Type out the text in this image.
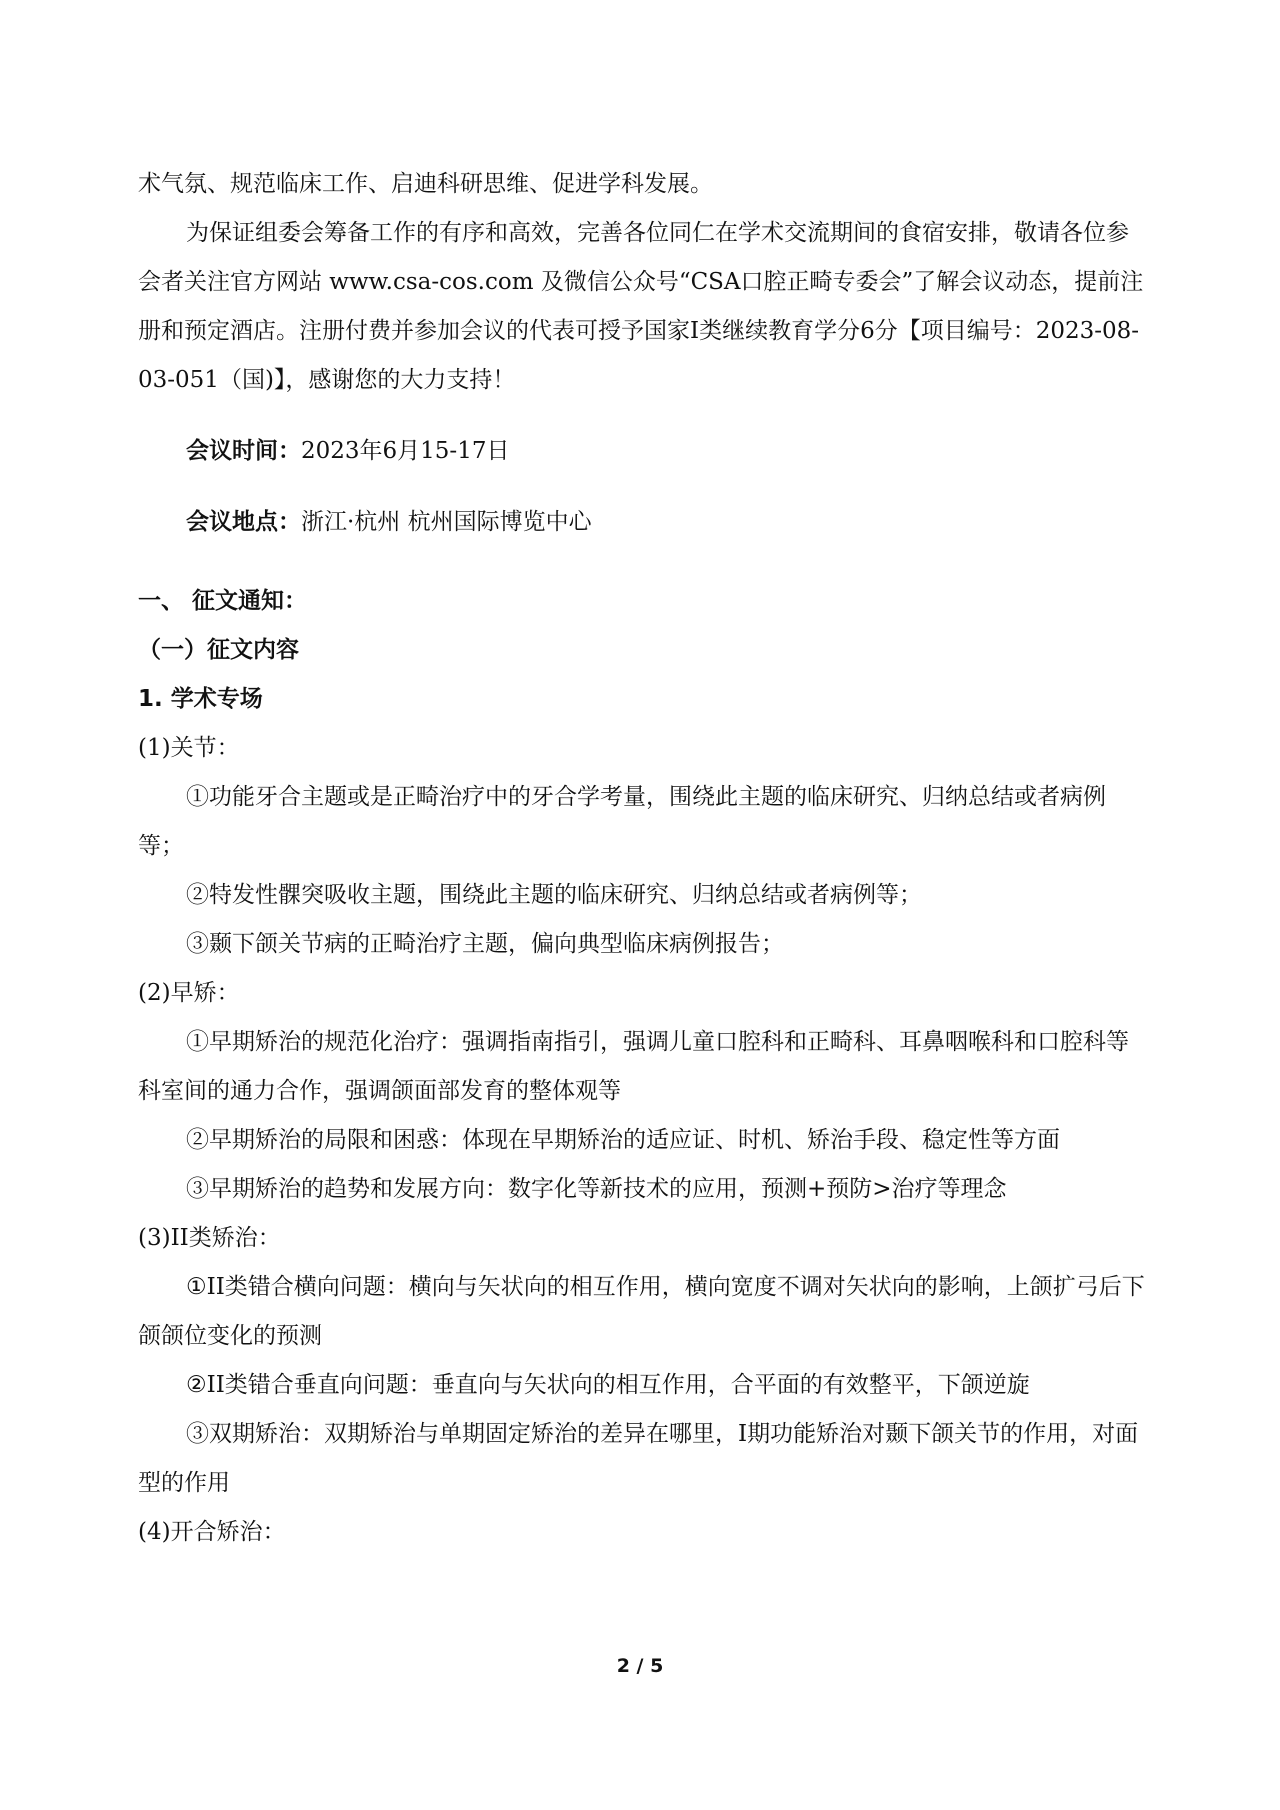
术气氛、规范临床工作、启迪科研思维、促进学科发展。

为保证组委会筹备工作的有序和高效，完善各位同仁在学术交流期间的食宿安排，敬请各位参会者关注官方网站 www.csa-cos.com 及微信公众号“CSA口腔正畸专委会”了解会议动态，提前注册和预定酒店。注册付费并参加会议的代表可授予国家I类继续教育学分6分【项目编号：2023-08-03-051（国)】，感谢您的大力支持！

会议时间：2023年6月15-17日

会议地点：浙江·杭州 杭州国际博览中心

一、 征文通知：
（一）征文内容
1. 学术专场

(1)关节：

①功能牙合主题或是正畸治疗中的牙合学考量，围绕此主题的临床研究、归纳总结或者病例等；

②特发性髁突吸收主题，围绕此主题的临床研究、归纳总结或者病例等；

③颞下颌关节病的正畸治疗主题，偏向典型临床病例报告；

(2)早矫：

①早期矫治的规范化治疗：强调指南指引，强调儿童口腔科和正畸科、耳鼻咽喉科和口腔科等科室间的通力合作，强调颌面部发育的整体观等

②早期矫治的局限和困惑：体现在早期矫治的适应证、时机、矫治手段、稳定性等方面

③早期矫治的趋势和发展方向：数字化等新技术的应用，预测+预防>治疗等理念

(3)II类矫治：

①II类错合横向问题：横向与矢状向的相互作用，横向宽度不调对矢状向的影响，上颌扩弓后下颌颌位变化的预测

②II类错合垂直向问题：垂直向与矢状向的相互作用，合平面的有效整平，下颌逆旋

③双期矫治：双期矫治与单期固定矫治的差异在哪里，I期功能矫治对颞下颌关节的作用，对面型的作用

(4)开合矫治：

2 / 5
